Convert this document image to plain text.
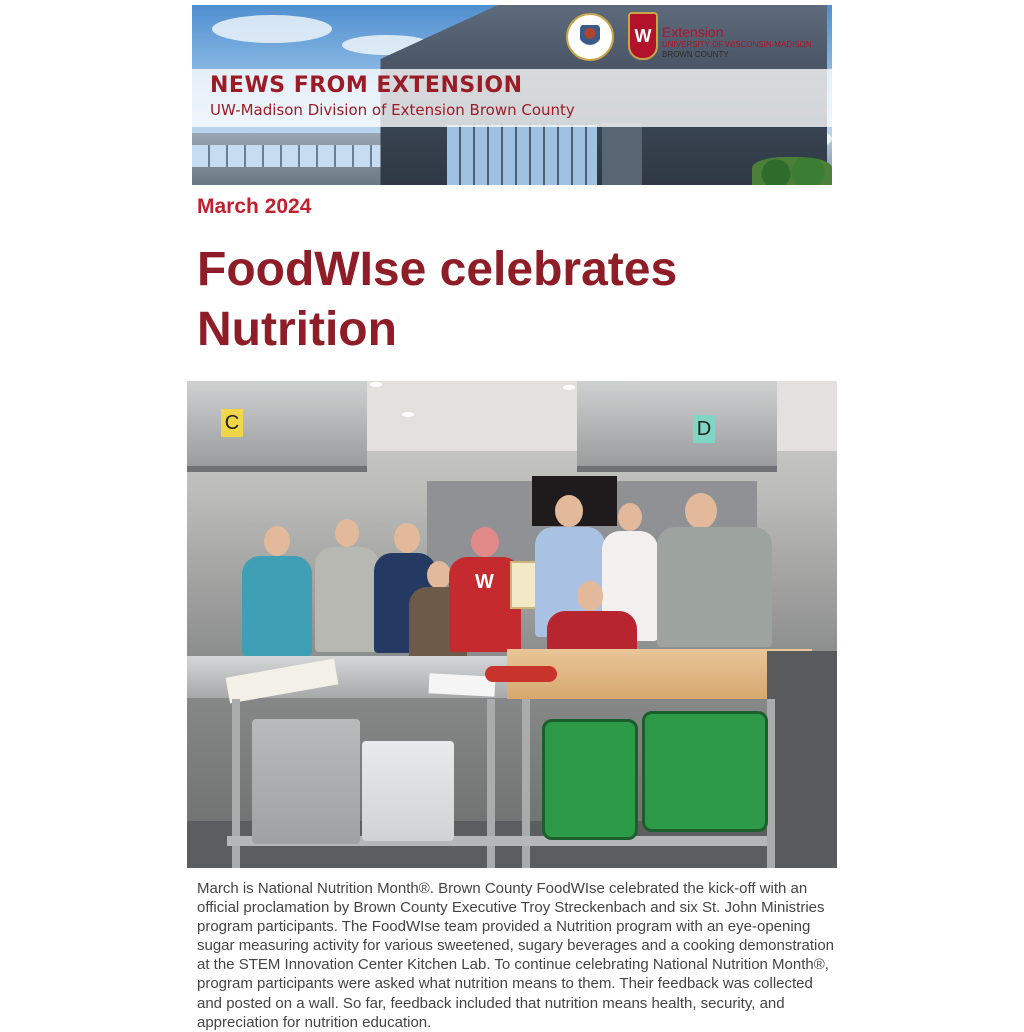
W Extension
UNIVERSITY OF WISCONSIN-MADISON
BROWN COUNTY
NEWS FROM EXTENSION
UW-Madison Division of Extension Brown County
March 2024
FoodWIse celebrates Nutrition
C	D
W
March is National Nutrition Month®. Brown County FoodWIse celebrated the kick-off with an official proclamation by Brown County Executive Troy Streckenbach and six St. John Ministries program participants. The FoodWIse team provided a Nutrition program with an eye-opening sugar measuring activity for various sweetened, sugary beverages and a cooking demonstration at the STEM Innovation Center Kitchen Lab. To continue celebrating National Nutrition Month®, program participants were asked what nutrition means to them. Their feedback was collected and posted on a wall. So far, feedback included that nutrition means health, security, and appreciation for nutrition education.
